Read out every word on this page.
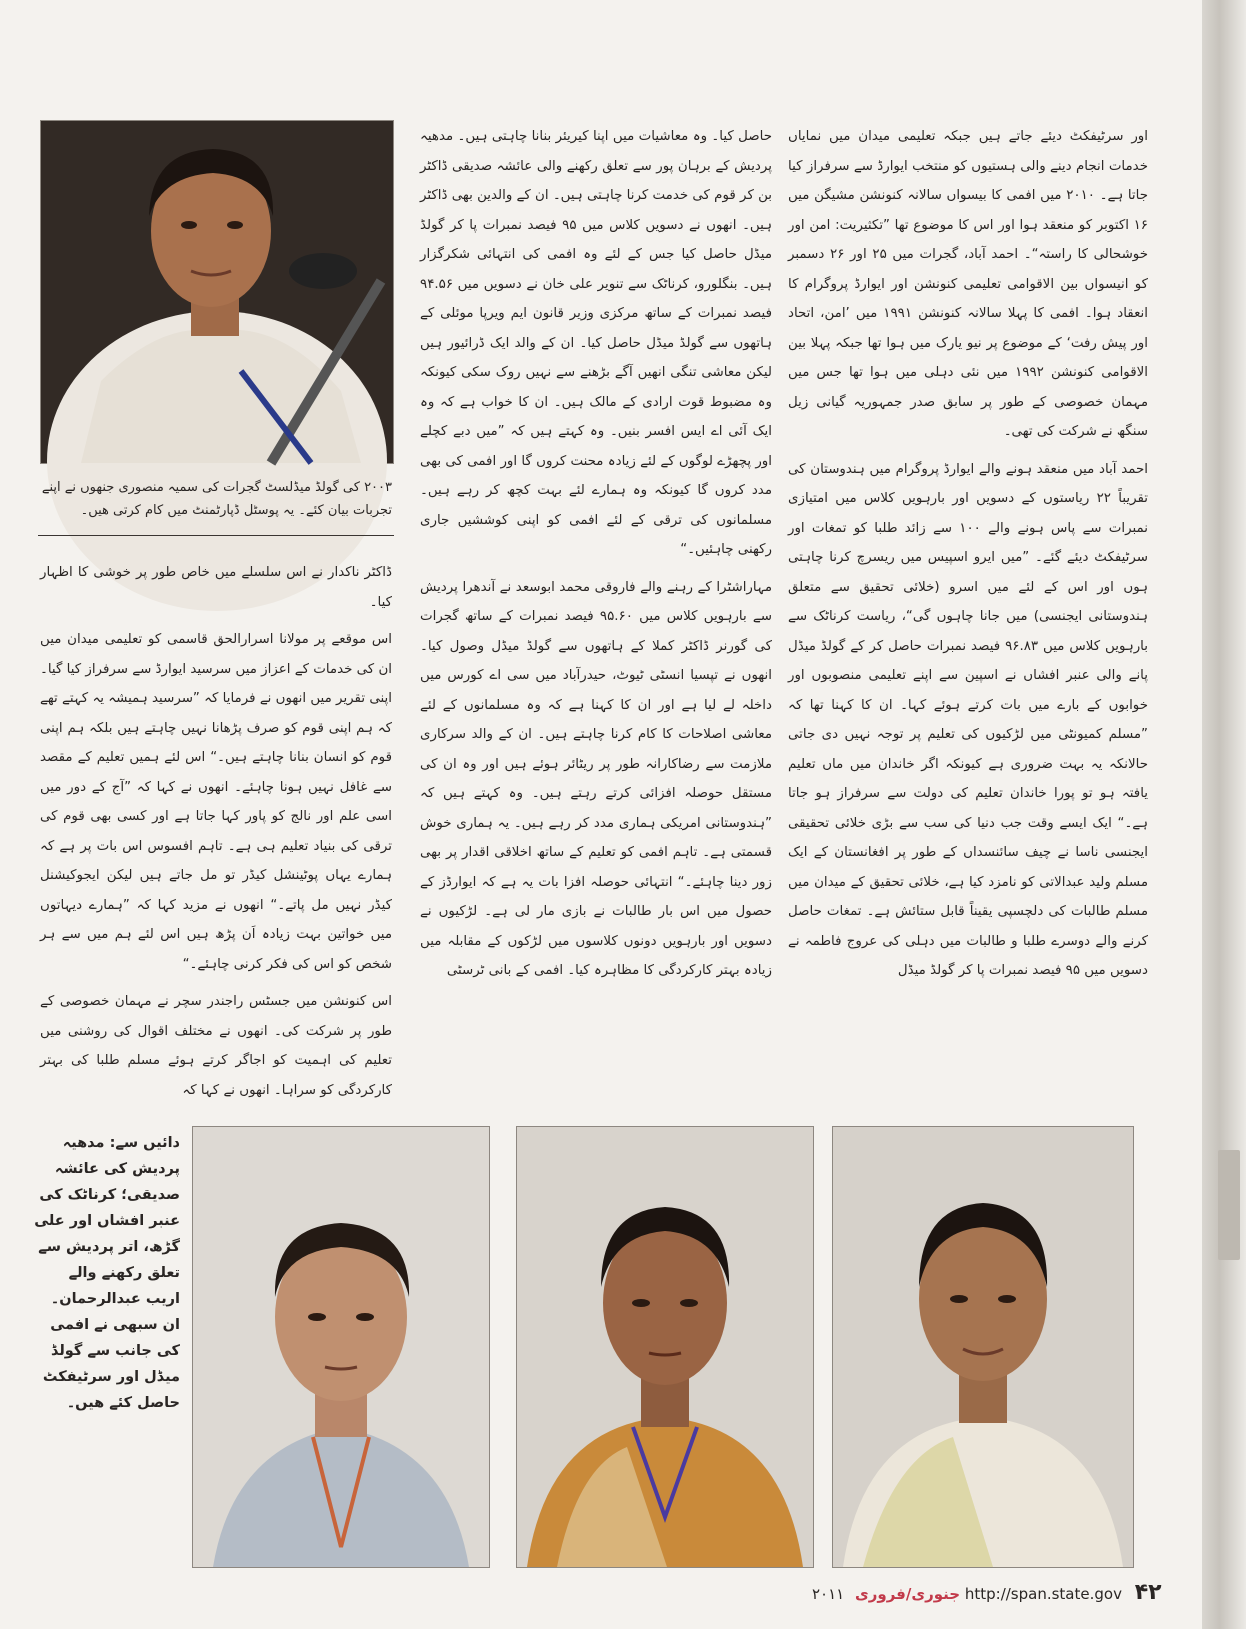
۲۰۰۳ کی گولڈ میڈلسٹ گجرات کی سمیہ منصوری جنھوں نے اپنے تجربات بیان کئے۔ یہ پوسٹل ڈپارٹمنٹ میں کام کرتی ھیں۔

اور سرٹیفکٹ دیئے جاتے ہیں جبکہ تعلیمی میدان میں نمایاں خدمات انجام دینے والی ہستیوں کو منتخب ایوارڈ سے سرفراز کیا جاتا ہے۔ ۲۰۱۰ میں افمی کا بیسواں سالانہ کنونشن مشیگن میں ۱۶ اکتوبر کو منعقد ہوا اور اس کا موضوع تھا ”تکثیریت: امن اور خوشحالی کا راستہ“۔ احمد آباد، گجرات میں ۲۵ اور ۲۶ دسمبر کو انیسواں بین الاقوامی تعلیمی کنونشن اور ایوارڈ پروگرام کا انعقاد ہوا۔ افمی کا پہلا سالانہ کنونشن ۱۹۹۱ میں ’امن، اتحاد اور پیش رفت‘ کے موضوع پر نیو یارک میں ہوا تھا جبکہ پہلا بین الاقوامی کنونشن ۱۹۹۲ میں نئی دہلی میں ہوا تھا جس میں مہمان خصوصی کے طور پر سابق صدر جمہوریہ گیانی زیل سنگھ نے شرکت کی تھی۔

احمد آباد میں منعقد ہونے والے ایوارڈ پروگرام میں ہندوستان کی تقریباً ۲۲ ریاستوں کے دسویں اور بارہویں کلاس میں امتیازی نمبرات سے پاس ہونے والے ۱۰۰ سے زائد طلبا کو تمغات اور سرٹیفکٹ دیئے گئے۔ ”میں ایرو اسپیس میں ریسرچ کرنا چاہتی ہوں اور اس کے لئے میں اسرو (خلائی تحقیق سے متعلق ہندوستانی ایجنسی) میں جانا چاہوں گی“، ریاست کرناٹک سے بارہویں کلاس میں ۹۶.۸۳ فیصد نمبرات حاصل کر کے گولڈ میڈل پانے والی عنبر افشاں نے اسپین سے اپنے تعلیمی منصوبوں اور خوابوں کے بارے میں بات کرتے ہوئے کہا۔ ان کا کہنا تھا کہ ”مسلم کمیونٹی میں لڑکیوں کی تعلیم پر توجہ نہیں دی جاتی حالانکہ یہ بہت ضروری ہے کیونکہ اگر خاندان میں ماں تعلیم یافتہ ہو تو پورا خاندان تعلیم کی دولت سے سرفراز ہو جاتا ہے۔“ ایک ایسے وقت جب دنیا کی سب سے بڑی خلائی تحقیقی ایجنسی ناسا نے چیف سائنسداں کے طور پر افغانستان کے ایک مسلم ولید عبدالاتی کو نامزد کیا ہے، خلائی تحقیق کے میدان میں مسلم طالبات کی دلچسپی یقیناً قابل ستائش ہے۔ تمغات حاصل کرنے والے دوسرے طلبا و طالبات میں دہلی کی عروج فاطمہ نے دسویں میں ۹۵ فیصد نمبرات پا کر گولڈ میڈل

حاصل کیا۔ وہ معاشیات میں اپنا کیریئر بنانا چاہتی ہیں۔ مدھیہ پردیش کے برہان پور سے تعلق رکھنے والی عائشہ صدیقی ڈاکٹر بن کر قوم کی خدمت کرنا چاہتی ہیں۔ ان کے والدین بھی ڈاکٹر ہیں۔ انھوں نے دسویں کلاس میں ۹۵ فیصد نمبرات پا کر گولڈ میڈل حاصل کیا جس کے لئے وہ افمی کی انتہائی شکرگزار ہیں۔ بنگلورو، کرناٹک سے تنویر علی خان نے دسویں میں ۹۴.۵۶ فیصد نمبرات کے ساتھ مرکزی وزیر قانون ایم ویرپا موئلی کے ہاتھوں سے گولڈ میڈل حاصل کیا۔ ان کے والد ایک ڈرائیور ہیں لیکن معاشی تنگی انھیں آگے بڑھنے سے نہیں روک سکی کیونکہ وہ مضبوط قوت ارادی کے مالک ہیں۔ ان کا خواب ہے کہ وہ ایک آئی اے ایس افسر بنیں۔ وہ کہتے ہیں کہ ”میں دبے کچلے اور پچھڑے لوگوں کے لئے زیادہ محنت کروں گا اور افمی کی بھی مدد کروں گا کیونکہ وہ ہمارے لئے بہت کچھ کر رہے ہیں۔ مسلمانوں کی ترقی کے لئے افمی کو اپنی کوششیں جاری رکھنی چاہئیں۔“

مہاراشٹرا کے رہنے والے فاروقی محمد ابوسعد نے آندھرا پردیش سے بارہویں کلاس میں ۹۵.۶۰ فیصد نمبرات کے ساتھ گجرات کی گورنر ڈاکٹر کملا کے ہاتھوں سے گولڈ میڈل وصول کیا۔ انھوں نے تپسیا انسٹی ٹیوٹ، حیدرآباد میں سی اے کورس میں داخلہ لے لیا ہے اور ان کا کہنا ہے کہ وہ مسلمانوں کے لئے معاشی اصلاحات کا کام کرنا چاہتے ہیں۔ ان کے والد سرکاری ملازمت سے رضاکارانہ طور پر ریٹائر ہوئے ہیں اور وہ ان کی مستقل حوصلہ افزائی کرتے رہتے ہیں۔ وہ کہتے ہیں کہ ”ہندوستانی امریکی ہماری مدد کر رہے ہیں۔ یہ ہماری خوش قسمتی ہے۔ تاہم افمی کو تعلیم کے ساتھ اخلاقی اقدار پر بھی زور دینا چاہئے۔“ انتہائی حوصلہ افزا بات یہ ہے کہ ایوارڈز کے حصول میں اس بار طالبات نے بازی مار لی ہے۔ لڑکیوں نے دسویں اور بارہویں دونوں کلاسوں میں لڑکوں کے مقابلہ میں زیادہ بہتر کارکردگی کا مظاہرہ کیا۔ افمی کے بانی ٹرسٹی

ڈاکٹر ناکدار نے اس سلسلے میں خاص طور پر خوشی کا اظہار کیا۔

اس موقعے پر مولانا اسرارالحق قاسمی کو تعلیمی میدان میں ان کی خدمات کے اعزاز میں سرسید ایوارڈ سے سرفراز کیا گیا۔ اپنی تقریر میں انھوں نے فرمایا کہ ”سرسید ہمیشہ یہ کہتے تھے کہ ہم اپنی قوم کو صرف پڑھانا نہیں چاہتے ہیں بلکہ ہم اپنی قوم کو انسان بنانا چاہتے ہیں۔“ اس لئے ہمیں تعلیم کے مقصد سے غافل نہیں ہونا چاہئے۔ انھوں نے کہا کہ ”آج کے دور میں اسی علم اور نالج کو پاور کہا جاتا ہے اور کسی بھی قوم کی ترقی کی بنیاد تعلیم ہی ہے۔ تاہم افسوس اس بات پر ہے کہ ہمارے یہاں پوٹینشل کیڈر تو مل جاتے ہیں لیکن ایجوکیشنل کیڈر نہیں مل پاتے۔“ انھوں نے مزید کہا کہ ”ہمارے دیہاتوں میں خواتین بہت زیادہ اَن پڑھ ہیں اس لئے ہم میں سے ہر شخص کو اس کی فکر کرنی چاہئے۔“

اس کنونشن میں جسٹس راجندر سچر نے مہمان خصوصی کے طور پر شرکت کی۔ انھوں نے مختلف اقوال کی روشنی میں تعلیم کی اہمیت کو اجاگر کرتے ہوئے مسلم طلبا کی بہتر کارکردگی کو سراہا۔ انھوں نے کہا کہ

دائیں سے: مدھیہ پردیش کی عائشہ صدیقی؛ کرناٹک کی عنبر افشاں اور علی گڑھ، اتر پردیش سے تعلق رکھنے والے اریب عبدالرحمان۔ ان سبھی نے افمی کی جانب سے گولڈ میڈل اور سرٹیفکٹ حاصل کئے ھیں۔
۲۰۱۱ جنوری/فروری http://span.state.gov ۴۲
